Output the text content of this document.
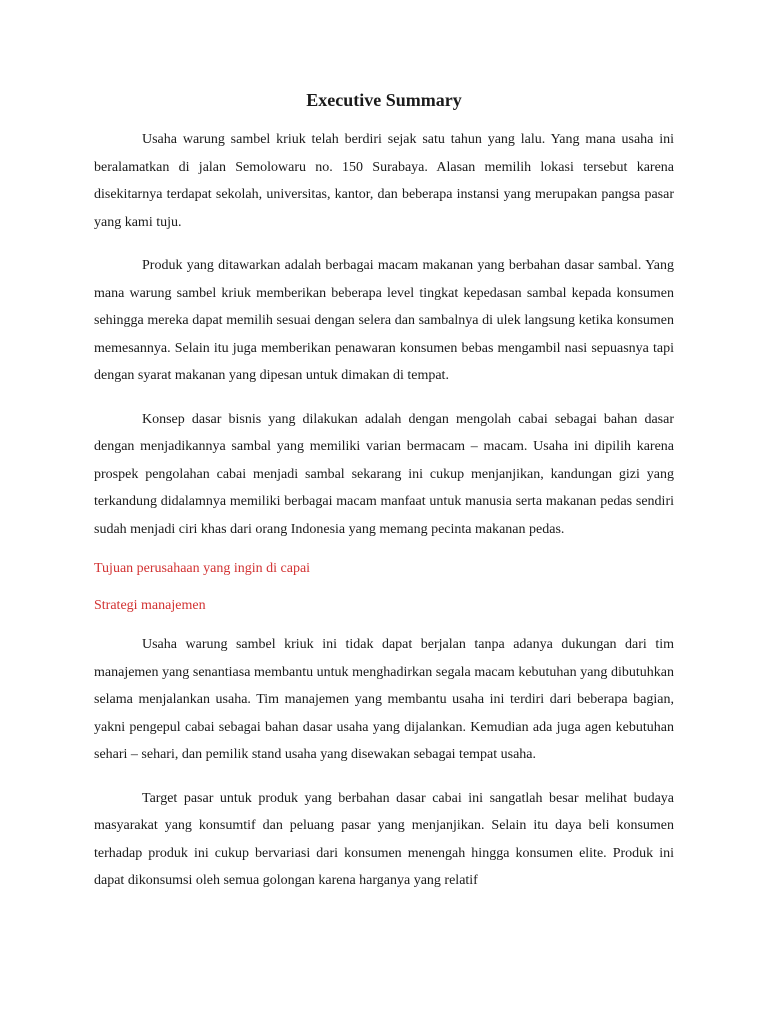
Executive Summary

Usaha warung sambel kriuk telah berdiri sejak satu tahun yang lalu. Yang mana usaha ini beralamatkan di jalan Semolowaru no. 150 Surabaya. Alasan memilih lokasi tersebut karena disekitarnya terdapat sekolah, universitas, kantor, dan beberapa instansi yang merupakan pangsa pasar yang kami tuju.

Produk yang ditawarkan adalah berbagai macam makanan yang berbahan dasar sambal. Yang mana warung sambel kriuk memberikan beberapa level tingkat kepedasan sambal kepada konsumen sehingga mereka dapat memilih sesuai dengan selera dan sambalnya di ulek langsung ketika konsumen memesannya. Selain itu juga memberikan penawaran konsumen bebas mengambil nasi sepuasnya tapi dengan syarat makanan yang dipesan untuk dimakan di tempat.

Konsep dasar bisnis yang dilakukan adalah dengan mengolah cabai sebagai bahan dasar dengan menjadikannya sambal yang memiliki varian bermacam – macam. Usaha ini dipilih karena prospek pengolahan cabai menjadi sambal sekarang ini cukup menjanjikan, kandungan gizi yang terkandung didalamnya memiliki berbagai macam manfaat untuk manusia serta makanan pedas sendiri sudah menjadi ciri khas dari orang Indonesia yang memang pecinta makanan pedas.

Tujuan perusahaan yang ingin di capai
Strategi manajemen

Usaha warung sambel kriuk ini tidak dapat berjalan tanpa adanya dukungan dari tim manajemen yang senantiasa membantu untuk menghadirkan segala macam kebutuhan yang dibutuhkan selama menjalankan usaha. Tim manajemen yang membantu usaha ini terdiri dari beberapa bagian, yakni pengepul cabai sebagai bahan dasar usaha yang dijalankan. Kemudian ada juga agen kebutuhan sehari – sehari, dan pemilik stand usaha yang disewakan sebagai tempat usaha.

Target pasar untuk produk yang berbahan dasar cabai ini sangatlah besar melihat budaya masyarakat yang konsumtif dan peluang pasar yang menjanjikan. Selain itu daya beli konsumen terhadap produk ini cukup bervariasi dari konsumen menengah hingga konsumen elite. Produk ini dapat dikonsumsi oleh semua golongan karena harganya yang relatif
